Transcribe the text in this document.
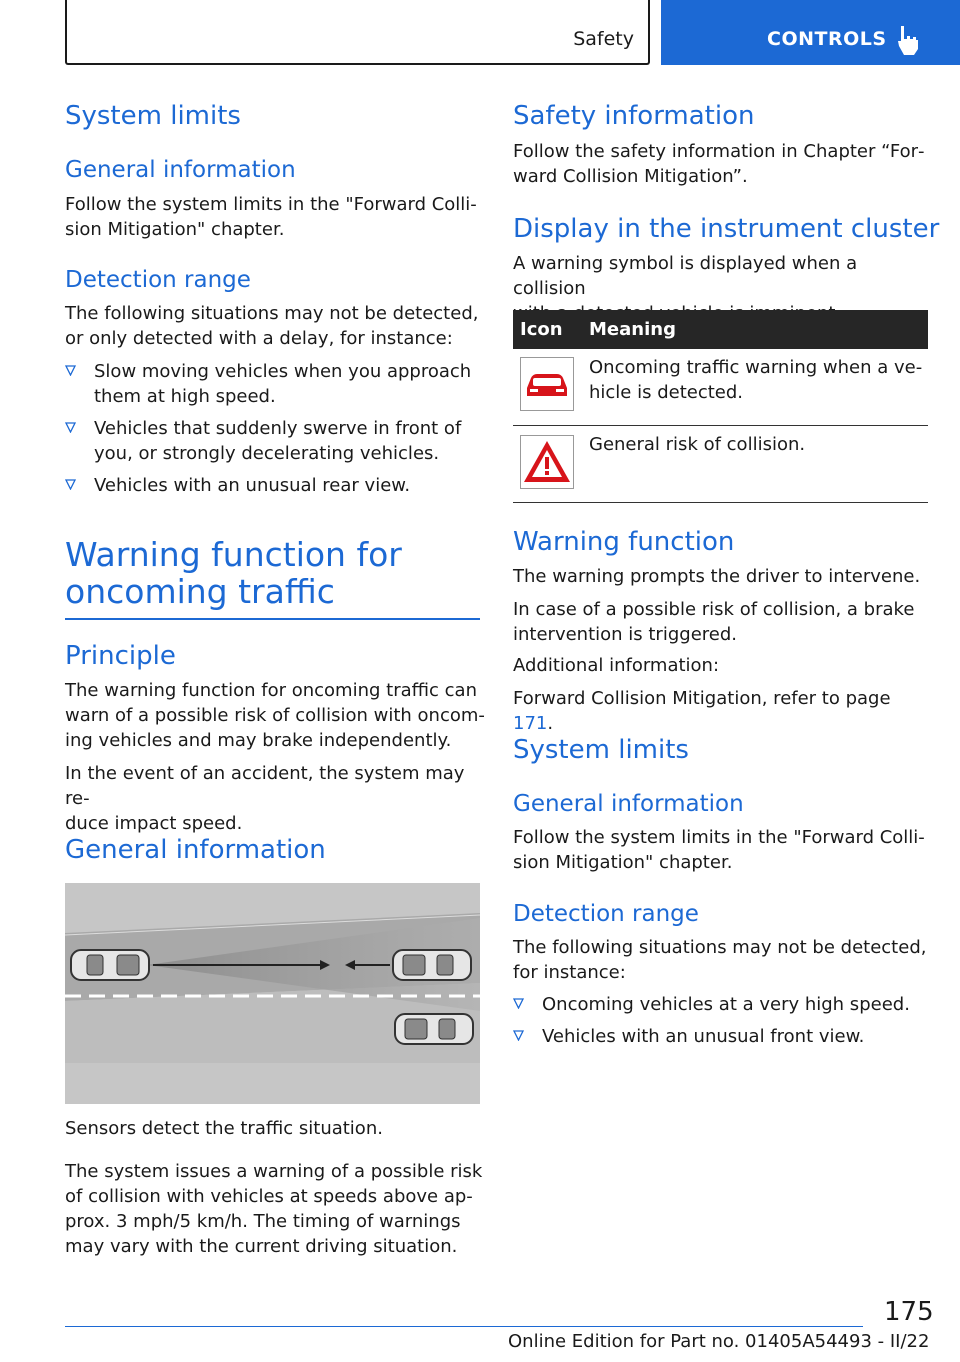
Safety	CONTROLS
System limits
General information
Follow the system limits in the "Forward Colli‐
sion Mitigation" chapter.
Detection range
The following situations may not be detected,
or only detected with a delay, for instance:
Slow moving vehicles when you approach
them at high speed.
Vehicles that suddenly swerve in front of
you, or strongly decelerating vehicles.
Vehicles with an unusual rear view.
Warning function for
oncoming traffic
Principle
The warning function for oncoming traffic can
warn of a possible risk of collision with oncom‐
ing vehicles and may brake independently.
In the event of an accident, the system may re‐
duce impact speed.
General information
Sensors detect the traffic situation.
The system issues a warning of a possible risk
of collision with vehicles at speeds above ap‐
prox. 3 mph/5 km/h. The timing of warnings
may vary with the current driving situation.
Safety information
Follow the safety information in Chapter “For‐
ward Collision Mitigation”.
Display in the instrument cluster
A warning symbol is displayed when a collision
Icon Meaning
Oncoming traffic warning when a ve‐
hicle is detected.
General risk of collision.
Warning function
The warning prompts the driver to intervene.
In case of a possible risk of collision, a brake
intervention is triggered.
Additional information:
Forward Collision Mitigation, refer to page 171.
System limits
General information
Follow the system limits in the "Forward Colli‐
sion Mitigation" chapter.
Detection range
The following situations may not be detected,
for instance:
Oncoming vehicles at a very high speed.
Vehicles with an unusual front view.
175
Online Edition for Part no. 01405A54493 - II/22
